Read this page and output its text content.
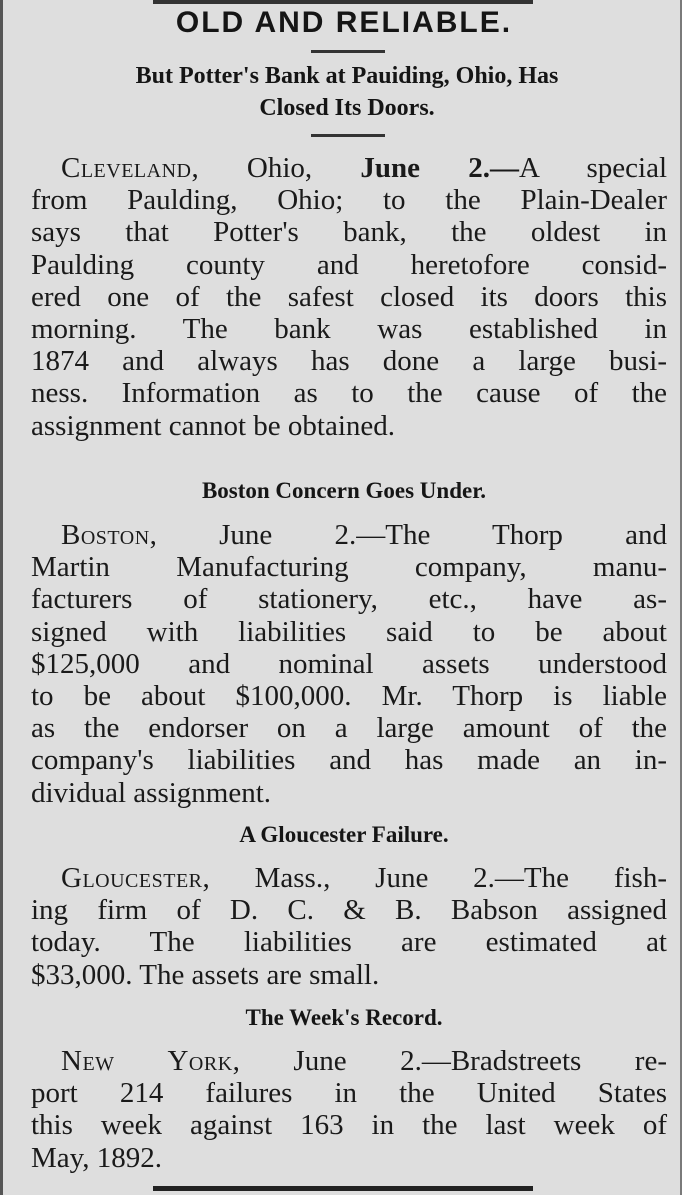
OLD AND RELIABLE.
But Potter's Bank at Pauiding, Ohio, Has
Closed Its Doors.
Cleveland, Ohio, June 2.—A special
from Paulding, Ohio; to the Plain-Dealer
says that Potter's bank, the oldest in
Paulding county and heretofore consid-
ered one of the safest closed its doors this
morning. The bank was established in
1874 and always has done a large busi-
ness. Information as to the cause of the
assignment cannot be obtained.
Boston Concern Goes Under.
Boston, June 2.—The Thorp and
Martin Manufacturing company, manu-
facturers of stationery, etc., have as-
signed with liabilities said to be about
$125,000 and nominal assets understood
to be about $100,000. Mr. Thorp is liable
as the endorser on a large amount of the
company's liabilities and has made an in-
dividual assignment.
A Gloucester Failure.
Gloucester, Mass., June 2.—The fish-
ing firm of D. C. & B. Babson assigned
today. The liabilities are estimated at
$33,000. The assets are small.
The Week's Record.
New York, June 2.—Bradstreets re-
port 214 failures in the United States
this week against 163 in the last week of
May, 1892.
